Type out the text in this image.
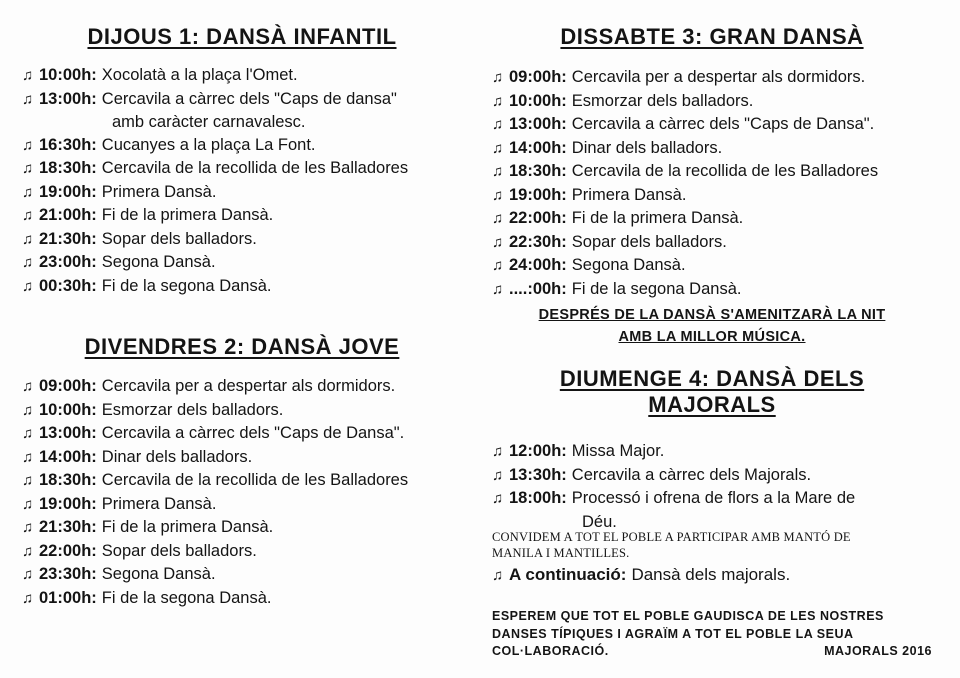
DIJOUS 1: DANSÀ INFANTIL
♫ 10:00h: Xocolatà a la plaça l'Omet.
♫ 13:00h: Cercavila a càrrec dels "Caps de dansa"
amb caràcter carnavalesc.
♫ 16:30h: Cucanyes a la plaça La Font.
♫ 18:30h: Cercavila de la recollida de les Balladores
♫ 19:00h: Primera Dansà.
♫ 21:00h: Fi de la primera Dansà.
♫ 21:30h: Sopar dels balladors.
♫ 23:00h: Segona Dansà.
♫ 00:30h: Fi de la segona Dansà.
DIVENDRES 2: DANSÀ JOVE
♫ 09:00h: Cercavila per a despertar als dormidors.
♫ 10:00h: Esmorzar dels balladors.
♫ 13:00h: Cercavila a càrrec dels "Caps de Dansa".
♫ 14:00h: Dinar dels balladors.
♫ 18:30h: Cercavila de la recollida de les Balladores
♫ 19:00h: Primera Dansà.
♫ 21:30h: Fi de la primera Dansà.
♫ 22:00h: Sopar dels balladors.
♫ 23:30h: Segona Dansà.
♫ 01:00h: Fi de la segona Dansà.
DISSABTE 3: GRAN DANSÀ
♫ 09:00h: Cercavila per a despertar als dormidors.
♫ 10:00h: Esmorzar dels balladors.
♫ 13:00h: Cercavila a càrrec dels "Caps de Dansa".
♫ 14:00h: Dinar dels balladors.
♫ 18:30h: Cercavila de la recollida de les Balladores
♫ 19:00h: Primera Dansà.
♫ 22:00h: Fi de la primera Dansà.
♫ 22:30h: Sopar dels balladors.
♫ 24:00h: Segona Dansà.
♫ ....:00h: Fi de la segona Dansà.
DESPRÉS DE LA DANSÀ S'AMENITZARÀ LA NIT
AMB LA MILLOR MÚSICA.
DIUMENGE 4: DANSÀ DELS
MAJORALS
♫ 12:00h: Missa Major.
♫ 13:30h: Cercavila a càrrec dels Majorals.
♫ 18:00h: Processó i ofrena de flors a la Mare de
Déu.
CONVIDEM A TOT EL POBLE A PARTICIPAR AMB MANTÓ DE
MANILA I MANTILLES.
♫ A continuació: Dansà dels majorals.
ESPEREM QUE TOT EL POBLE GAUDISCA DE LES NOSTRES
DANSES TÍPIQUES I AGRAÏM A TOT EL POBLE LA SEUA
COL·LABORACIÓ.	MAJORALS 2016
